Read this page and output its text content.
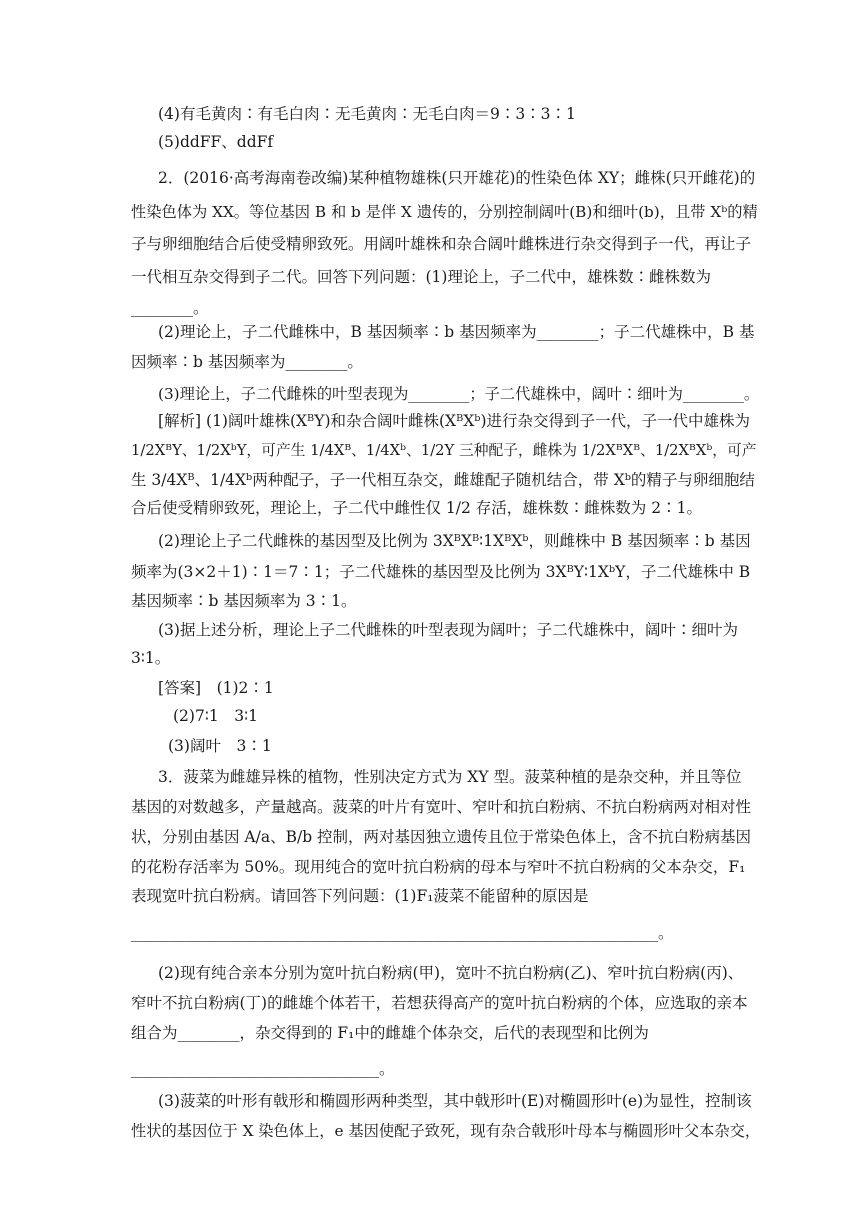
(4)有毛黄肉∶有毛白肉∶无毛黄肉∶无毛白肉＝9∶3∶3∶1
(5)ddFF、ddFf
2．(2016·高考海南卷改编)某种植物雄株(只开雄花)的性染色体 XY；雌株(只开雌花)的
性染色体为 XX。等位基因 B 和 b 是伴 X 遗传的，分别控制阔叶(B)和细叶(b)，且带 Xᵇ的精
子与卵细胞结合后使受精卵致死。用阔叶雄株和杂合阔叶雌株进行杂交得到子一代，再让子
一代相互杂交得到子二代。回答下列问题：(1)理论上，子二代中，雄株数∶雌株数为
________。
(2)理论上，子二代雌株中，B 基因频率∶b 基因频率为________；子二代雄株中，B 基
因频率∶b 基因频率为________。
(3)理论上，子二代雌株的叶型表现为________；子二代雄株中，阔叶∶细叶为________。
[解析] (1)阔叶雄株(XᴮY)和杂合阔叶雌株(XᴮXᵇ)进行杂交得到子一代，子一代中雄株为
1/2XᴮY、1/2XᵇY，可产生 1/4Xᴮ、1/4Xᵇ、1/2Y 三种配子，雌株为 1/2XᴮXᴮ、1/2XᴮXᵇ，可产
生 3/4Xᴮ、1/4Xᵇ两种配子，子一代相互杂交，雌雄配子随机结合，带 Xᵇ的精子与卵细胞结
合后使受精卵致死，理论上，子二代中雌性仅 1/2 存活，雄株数∶雌株数为 2∶1。
(2)理论上子二代雌株的基因型及比例为 3XᴮXᴮ∶1XᴮXᵇ，则雌株中 B 基因频率∶b 基因
频率为(3×2＋1)∶1＝7∶1；子二代雄株的基因型及比例为 3XᴮY∶1XᵇY，子二代雄株中 B
基因频率∶b 基因频率为 3∶1。
(3)据上述分析，理论上子二代雌株的叶型表现为阔叶；子二代雄株中，阔叶∶细叶为
3∶1。
[答案]　(1)2∶1
(2)7∶1　3∶1
(3)阔叶　3∶1
3．菠菜为雌雄异株的植物，性别决定方式为 XY 型。菠菜种植的是杂交种，并且等位
基因的对数越多，产量越高。菠菜的叶片有宽叶、窄叶和抗白粉病、不抗白粉病两对相对性
状，分别由基因 A/a、B/b 控制，两对基因独立遗传且位于常染色体上，含不抗白粉病基因
的花粉存活率为 50%。现用纯合的宽叶抗白粉病的母本与窄叶不抗白粉病的父本杂交，F₁
表现宽叶抗白粉病。请回答下列问题：(1)F₁菠菜不能留种的原因是
____________________________________________________________________。
(2)现有纯合亲本分别为宽叶抗白粉病(甲)，宽叶不抗白粉病(乙)、窄叶抗白粉病(丙)、
窄叶不抗白粉病(丁)的雌雄个体若干，若想获得高产的宽叶抗白粉病的个体，应选取的亲本
组合为________，杂交得到的 F₁中的雌雄个体杂交，后代的表现型和比例为
________________________________。
(3)菠菜的叶形有戟形和椭圆形两种类型，其中戟形叶(E)对椭圆形叶(e)为显性，控制该
性状的基因位于 X 染色体上，e 基因使配子致死，现有杂合戟形叶母本与椭圆形叶父本杂交，
